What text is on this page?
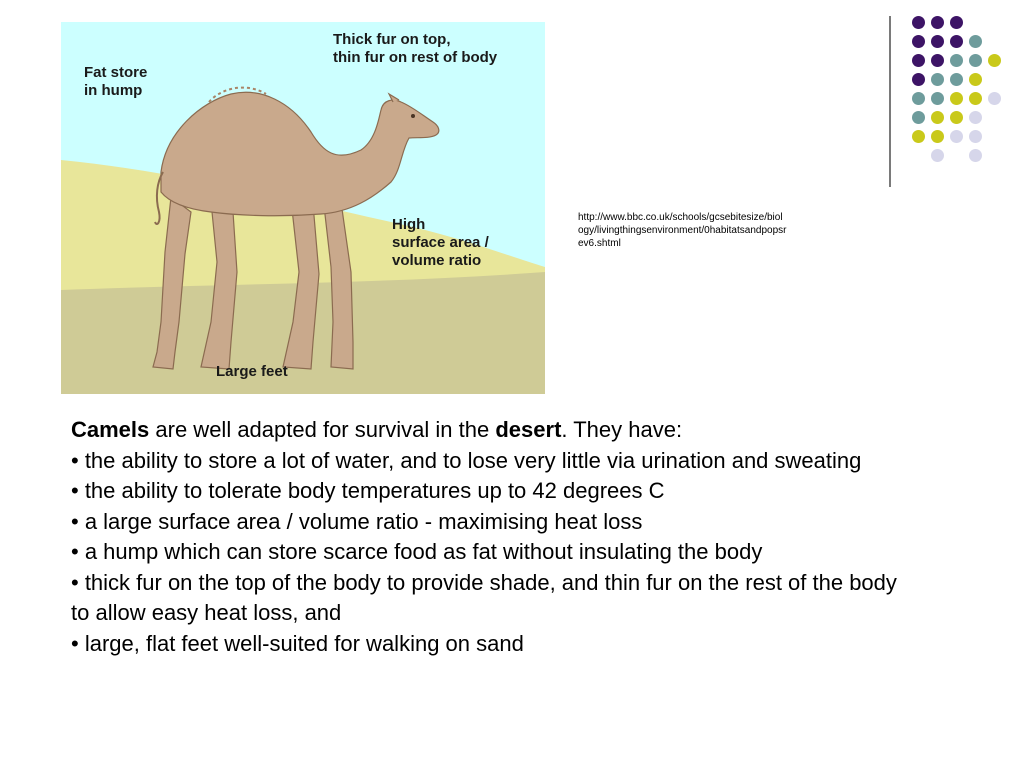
Fat store
in hump
Thick fur on top,
thin fur on rest of body
High
surface area /
volume ratio
Large feet
http://www.bbc.co.uk/schools/gcsebitesize/biology/livingthingsenvironment/0habitatsandpopsrev6.shtml

Camels are well adapted for survival in the desert. They have:

• the ability to store a lot of water, and to lose very little via urination and sweating

• the ability to tolerate body temperatures up to 42 degrees C

• a large surface area / volume ratio - maximising heat loss

• a hump which can store scarce food as fat without insulating the body

• thick fur on the top of the body to provide shade, and thin fur on the rest of the body to allow easy heat loss, and

• large, flat feet well-suited for walking on sand
